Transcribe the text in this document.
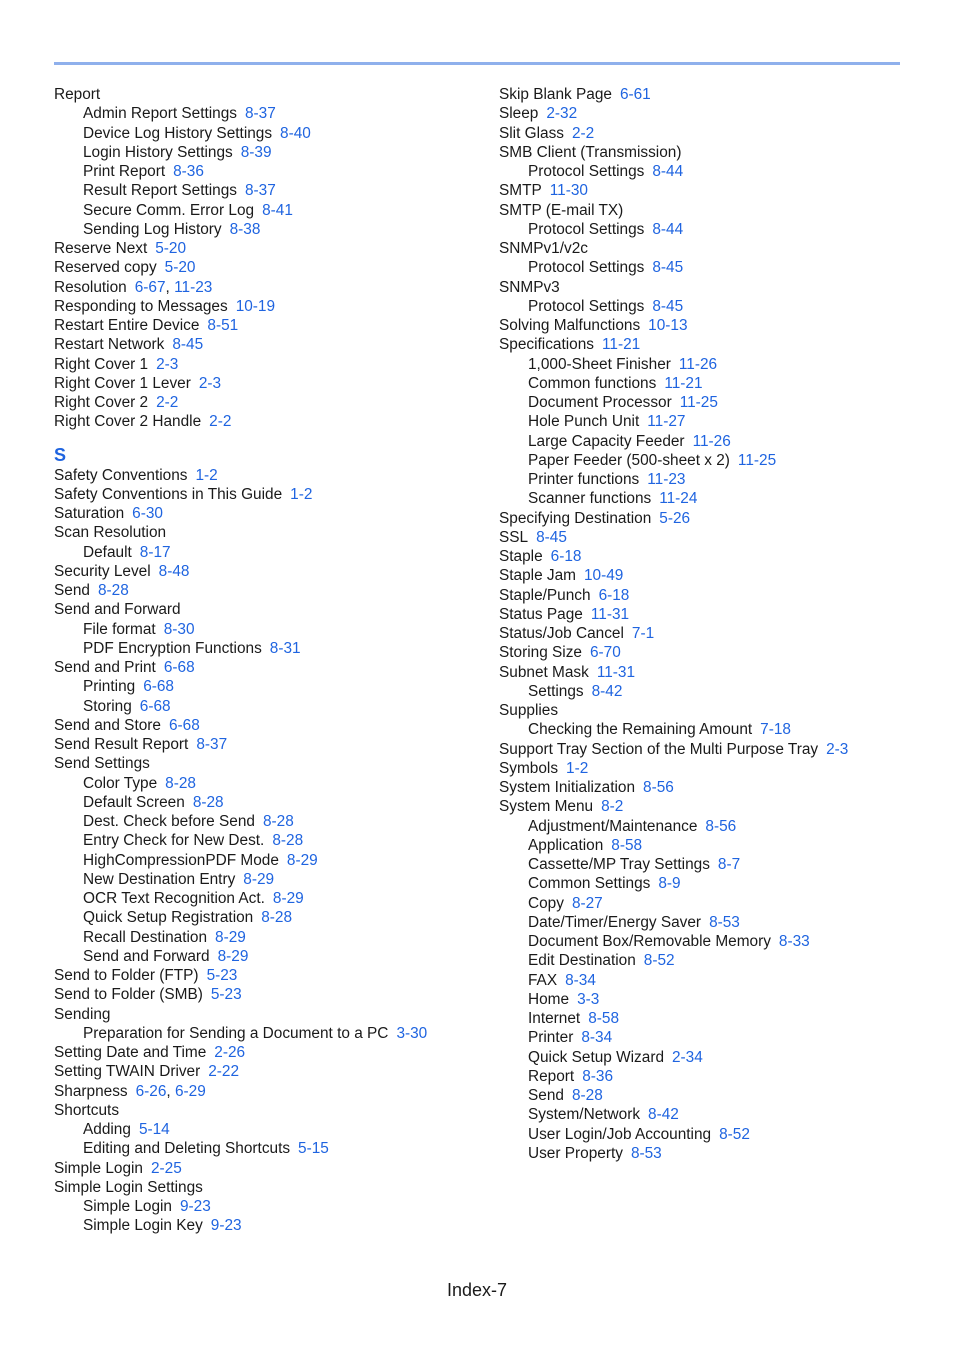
Report
Admin Report Settings 8-37
Device Log History Settings 8-40
Login History Settings 8-39
Print Report 8-36
Result Report Settings 8-37
Secure Comm. Error Log 8-41
Sending Log History 8-38
Reserve Next 5-20
Reserved copy 5-20
Resolution 6-67, 11-23
Responding to Messages 10-19
Restart Entire Device 8-51
Restart Network 8-45
Right Cover 1 2-3
Right Cover 1 Lever 2-3
Right Cover 2 2-2
Right Cover 2 Handle 2-2
S
Safety Conventions 1-2
Safety Conventions in This Guide 1-2
Saturation 6-30
Scan Resolution
Default 8-17
Security Level 8-48
Send 8-28
Send and Forward
File format 8-30
PDF Encryption Functions 8-31
Send and Print 6-68
Printing 6-68
Storing 6-68
Send and Store 6-68
Send Result Report 8-37
Send Settings
Color Type 8-28
Default Screen 8-28
Dest. Check before Send 8-28
Entry Check for New Dest. 8-28
HighCompressionPDF Mode 8-29
New Destination Entry 8-29
OCR Text Recognition Act. 8-29
Quick Setup Registration 8-28
Recall Destination 8-29
Send and Forward 8-29
Send to Folder (FTP) 5-23
Send to Folder (SMB) 5-23
Sending
Preparation for Sending a Document to a PC 3-30
Setting Date and Time 2-26
Setting TWAIN Driver 2-22
Sharpness 6-26, 6-29
Shortcuts
Adding 5-14
Editing and Deleting Shortcuts 5-15
Simple Login 2-25
Simple Login Settings
Simple Login 9-23
Simple Login Key 9-23
Skip Blank Page 6-61
Sleep 2-32
Slit Glass 2-2
SMB Client (Transmission)
Protocol Settings 8-44
SMTP 11-30
SMTP (E-mail TX)
Protocol Settings 8-44
SNMPv1/v2c
Protocol Settings 8-45
SNMPv3
Protocol Settings 8-45
Solving Malfunctions 10-13
Specifications 11-21
1,000-Sheet Finisher 11-26
Common functions 11-21
Document Processor 11-25
Hole Punch Unit 11-27
Large Capacity Feeder 11-26
Paper Feeder (500-sheet x 2) 11-25
Printer functions 11-23
Scanner functions 11-24
Specifying Destination 5-26
SSL 8-45
Staple 6-18
Staple Jam 10-49
Staple/Punch 6-18
Status Page 11-31
Status/Job Cancel 7-1
Storing Size 6-70
Subnet Mask 11-31
Settings 8-42
Supplies
Checking the Remaining Amount 7-18
Support Tray Section of the Multi Purpose Tray 2-3
Symbols 1-2
System Initialization 8-56
System Menu 8-2
Adjustment/Maintenance 8-56
Application 8-58
Cassette/MP Tray Settings 8-7
Common Settings 8-9
Copy 8-27
Date/Timer/Energy Saver 8-53
Document Box/Removable Memory 8-33
Edit Destination 8-52
FAX 8-34
Home 3-3
Internet 8-58
Printer 8-34
Quick Setup Wizard 2-34
Report 8-36
Send 8-28
System/Network 8-42
User Login/Job Accounting 8-52
User Property 8-53
Index-7
